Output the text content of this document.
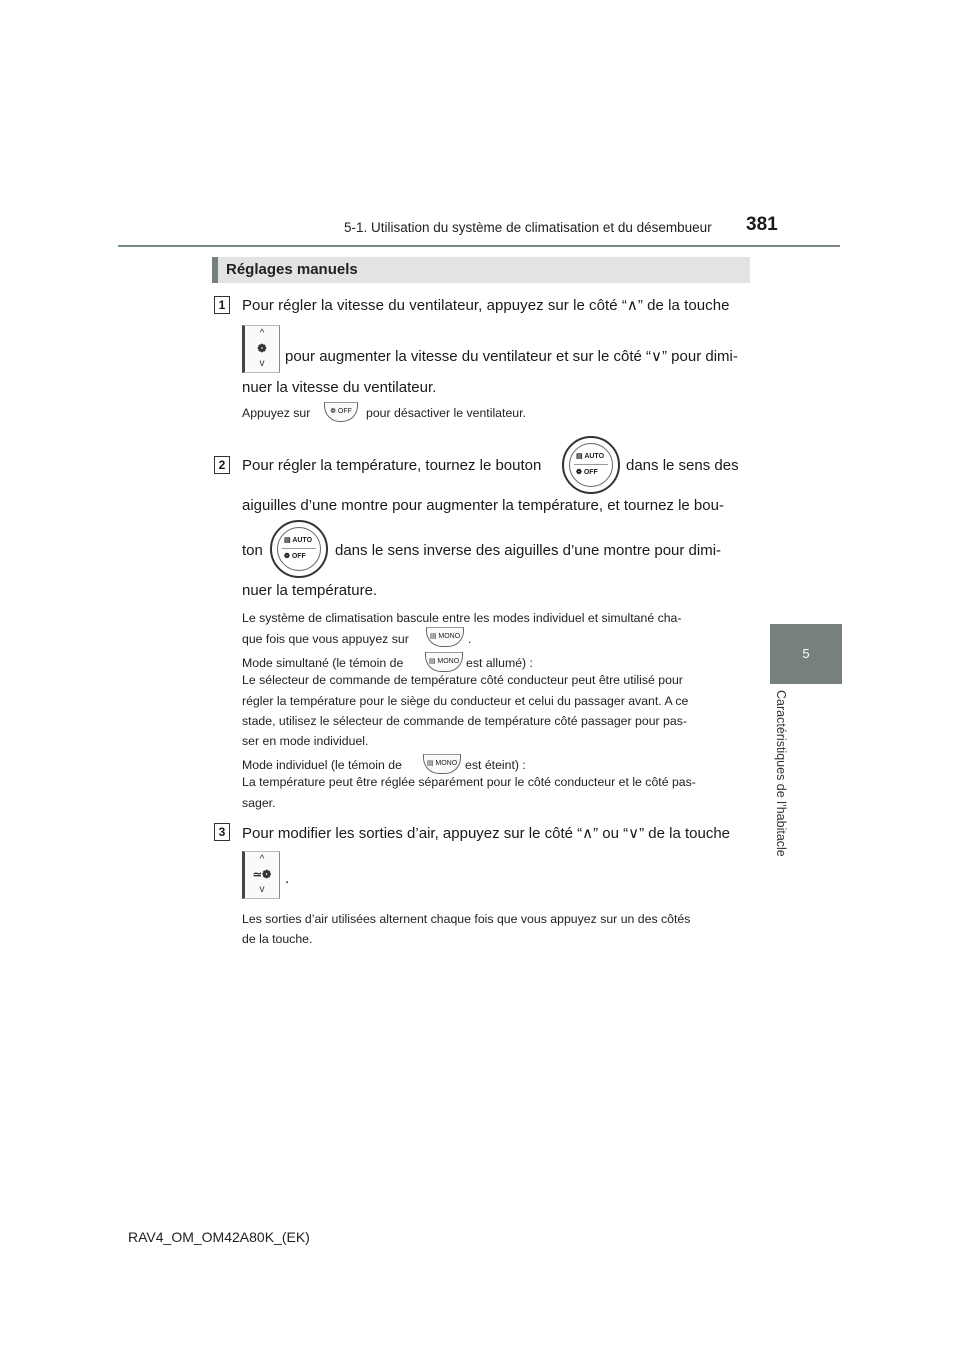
5-1. Utilisation du système de climatisation et du désembueur 381
5
Caractéristiques de l’habitacle
Réglages manuels
1	Pour régler la vitesse du ventilateur, appuyez sur le côté “∧” de la touche
^
❁
v	pour augmenter la vitesse du ventilateur et sur le côté “∨” pour dimi-
nuer la vitesse du ventilateur.
Appuyez sur	❁ OFF	pour désactiver le ventilateur.
2	Pour régler la température, tournez le bouton
▤ AUTO
❁ OFF dans le sens des
aiguilles d’une montre pour augmenter la température, et tournez le bou-
ton
▤ AUTO
❁ OFF dans le sens inverse des aiguilles d’une montre pour dimi-
nuer la température.
Le système de climatisation bascule entre les modes individuel et simultané cha-
que fois que vous appuyez sur	▤ MONO .
Mode simultané (le témoin de	▤ MONO est allumé) :
Le sélecteur de commande de température côté conducteur peut être utilisé pour
régler la température pour le siège du conducteur et celui du passager avant. A ce
stade, utilisez le sélecteur de commande de température côté passager pour pas-
ser en mode individuel.
Mode individuel (le témoin de	▤ MONO est éteint) :
La température peut être réglée séparément pour le côté conducteur et le côté pas-
sager.
3	Pour modifier les sorties d’air, appuyez sur le côté “∧” ou “∨” de la touche
^
≃❁
v
.
Les sorties d’air utilisées alternent chaque fois que vous appuyez sur un des côtés
de la touche.
RAV4_OM_OM42A80K_(EK)
